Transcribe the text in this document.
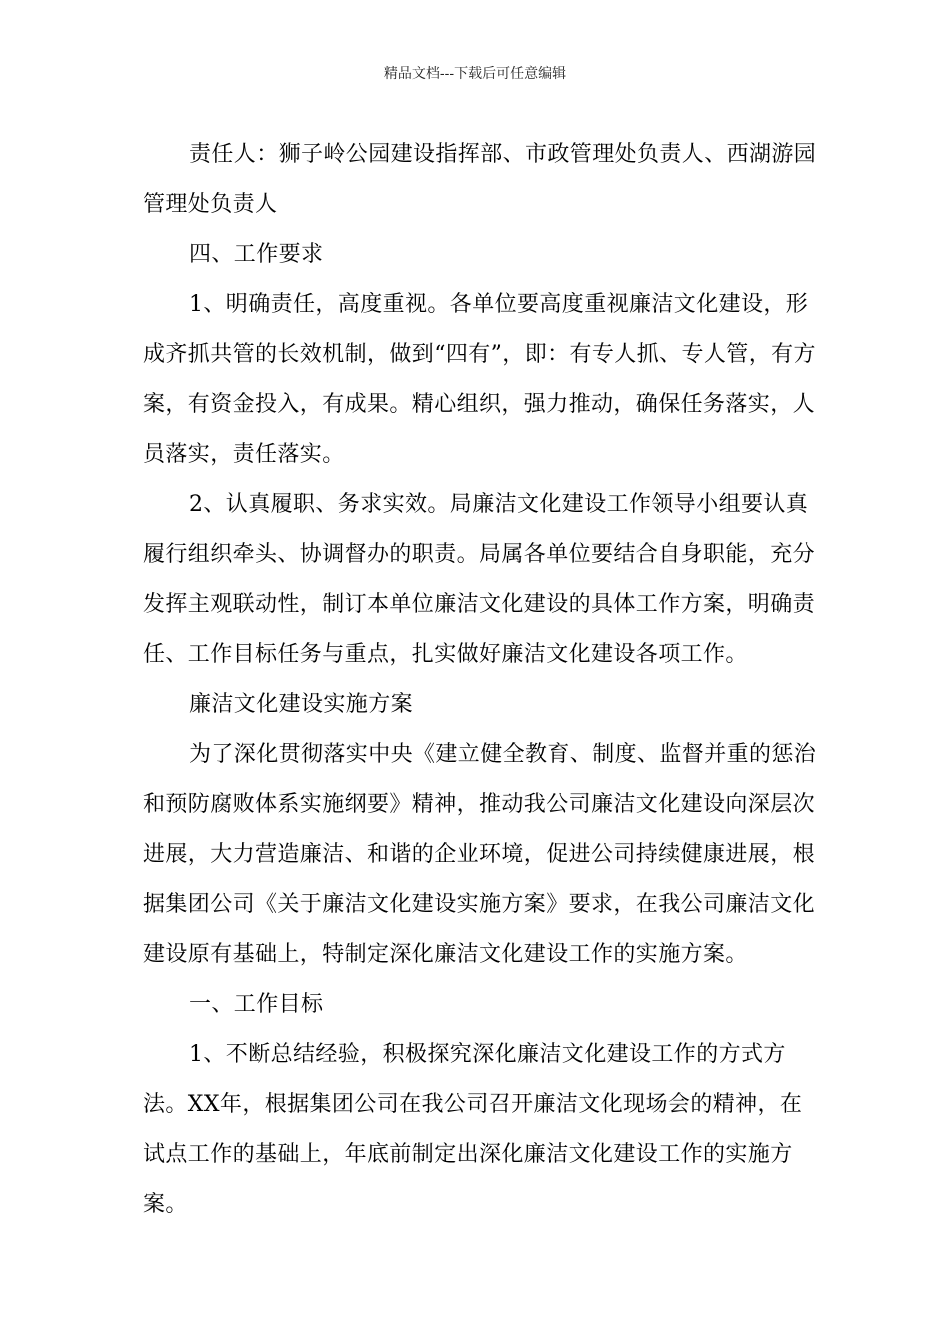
精品文档---下载后可任意编辑

责任人：狮子岭公园建设指挥部、市政管理处负责人、西湖游园管理处负责人

四、工作要求

1、明确责任，高度重视。各单位要高度重视廉洁文化建设，形成齐抓共管的长效机制，做到“四有”，即：有专人抓、专人管，有方案，有资金投入，有成果。精心组织，强力推动，确保任务落实，人员落实，责任落实。

2、认真履职、务求实效。局廉洁文化建设工作领导小组要认真履行组织牵头、协调督办的职责。局属各单位要结合自身职能，充分发挥主观联动性，制订本单位廉洁文化建设的具体工作方案，明确责任、工作目标任务与重点，扎实做好廉洁文化建设各项工作。

廉洁文化建设实施方案

为了深化贯彻落实中央《建立健全教育、制度、监督并重的惩治和预防腐败体系实施纲要》精神，推动我公司廉洁文化建设向深层次进展，大力营造廉洁、和谐的企业环境，促进公司持续健康进展，根据集团公司《关于廉洁文化建设实施方案》要求，在我公司廉洁文化建设原有基础上，特制定深化廉洁文化建设工作的实施方案。

一、工作目标

1、不断总结经验，积极探究深化廉洁文化建设工作的方式方法。XX年，根据集团公司在我公司召开廉洁文化现场会的精神，在试点工作的基础上，年底前制定出深化廉洁文化建设工作的实施方案。
